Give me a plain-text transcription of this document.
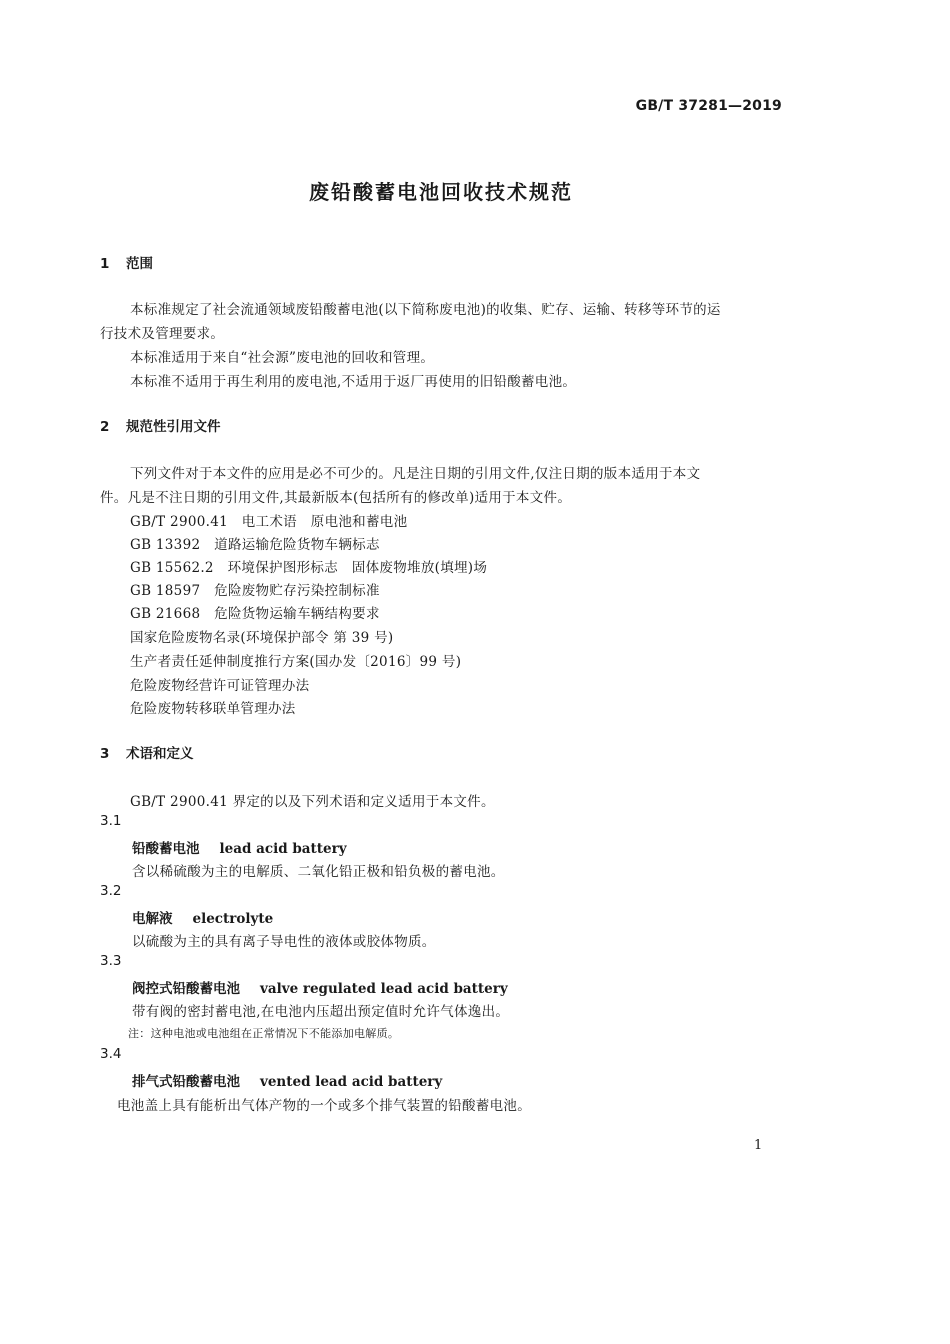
GB/T 37281—2019
废铅酸蓄电池回收技术规范
1 范围
本标准规定了社会流通领域废铅酸蓄电池(以下简称废电池)的收集、贮存、运输、转移等环节的运
行技术及管理要求。
本标准适用于来自“社会源”废电池的回收和管理。
本标准不适用于再生利用的废电池,不适用于返厂再使用的旧铅酸蓄电池。
2 规范性引用文件
下列文件对于本文件的应用是必不可少的。凡是注日期的引用文件,仅注日期的版本适用于本文
件。凡是不注日期的引用文件,其最新版本(包括所有的修改单)适用于本文件。
GB/T 2900.41　电工术语　原电池和蓄电池
GB 13392　道路运输危险货物车辆标志
GB 15562.2　环境保护图形标志　固体废物堆放(填埋)场
GB 18597　危险废物贮存污染控制标准
GB 21668　危险货物运输车辆结构要求
国家危险废物名录(环境保护部令 第 39 号)
生产者责任延伸制度推行方案(国办发〔2016〕99 号)
危险废物经营许可证管理办法
危险废物转移联单管理办法
3 术语和定义
GB/T 2900.41 界定的以及下列术语和定义适用于本文件。
3.1
铅酸蓄电池 lead acid battery
含以稀硫酸为主的电解质、二氧化铅正极和铅负极的蓄电池。
3.2
电解液 electrolyte
以硫酸为主的具有离子导电性的液体或胶体物质。
3.3
阀控式铅酸蓄电池 valve regulated lead acid battery
带有阀的密封蓄电池,在电池内压超出预定值时允许气体逸出。
注：这种电池或电池组在正常情况下不能添加电解质。
3.4
排气式铅酸蓄电池 vented lead acid battery
电池盖上具有能析出气体产物的一个或多个排气装置的铅酸蓄电池。
1
